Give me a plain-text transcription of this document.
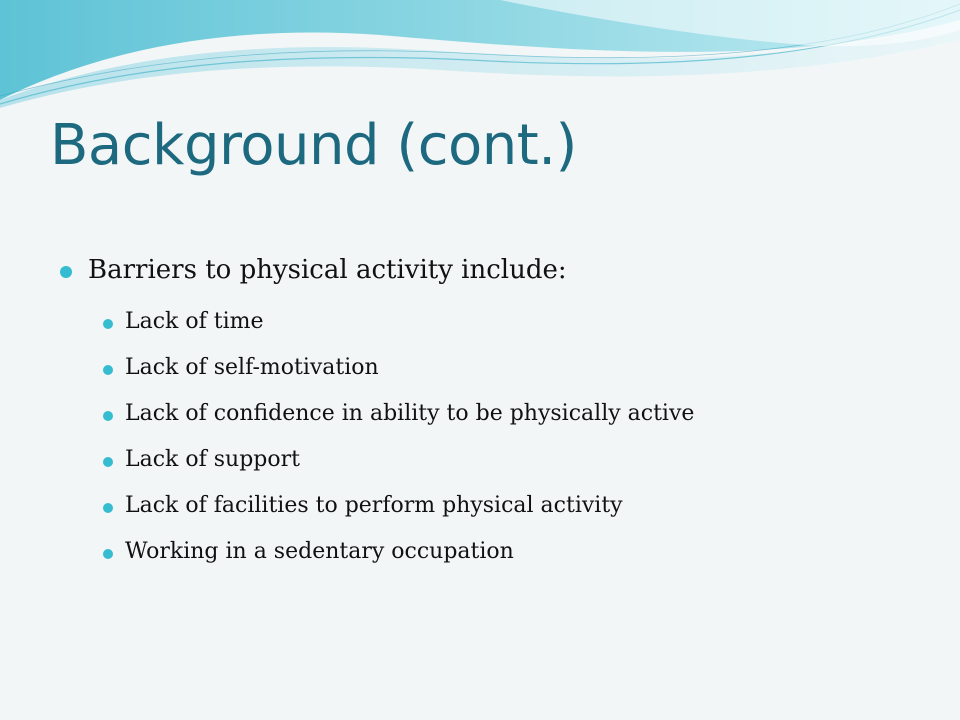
Background (cont.)

Barriers to physical activity include:

Lack of time
Lack of self-motivation
Lack of confidence in ability to be physically active
Lack of support
Lack of facilities to perform physical activity
Working in a sedentary occupation
